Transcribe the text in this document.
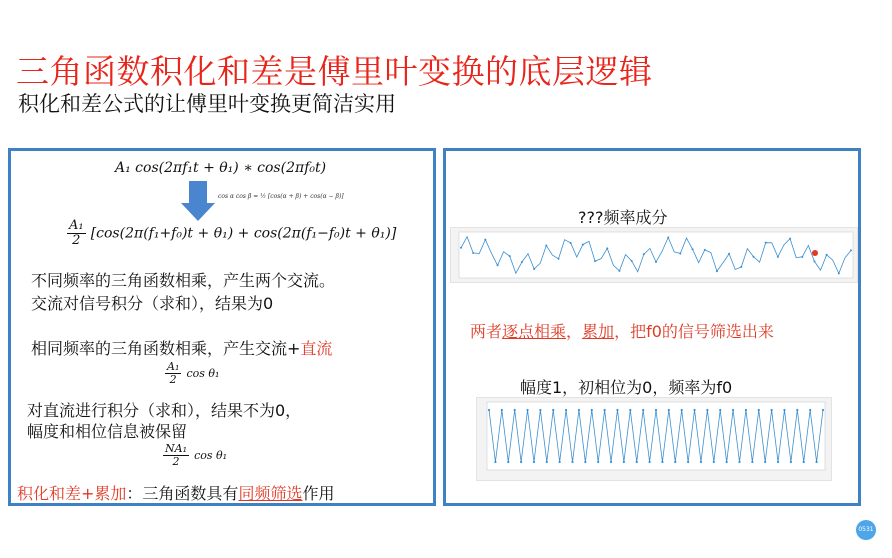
三角函数积化和差是傅里叶变换的底层逻辑
积化和差公式的让傅里叶变换更简洁实用
A₁ cos(2πf₁t + θ₁) ∗ cos(2πf₀t)
cos α cos β = ½ [cos(α + β) + cos(α − β)]
$\frac{\text{A₁}}{2} [\cos(2\pi(f_1+f_0)t + \theta_1) + \cos(2\pi(f_1-f_0)t + \theta_1)]$
不同频率的三角函数相乘，产生两个交流。
交流对信号积分（求和），结果为0
相同频率的三角函数相乘，产生交流+直流
$\frac{\text{A₁}}{2}$ cos θ₁
对直流进行积分（求和），结果不为0，
幅度和相位信息被保留
$\frac{\text{NA₁}}{2}$ cos θ₁
积化和差+累加：三角函数具有同频筛选作用
???频率成分
两者逐点相乘，累加，把f0的信号筛选出来
幅度1，初相位为0，频率为f0
0531
